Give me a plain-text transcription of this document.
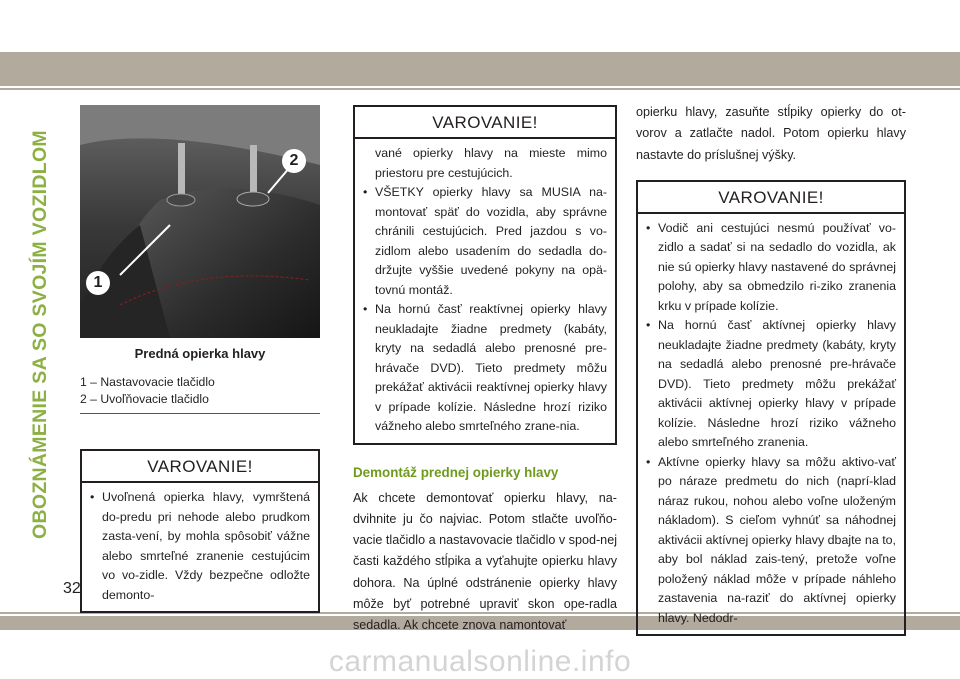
OBOZNÁMENIE SA SO SVOJÍM VOZIDLOM
32
2
1
Predná opierka hlavy
1 – Nastavovacie tlačidlo
2 – Uvoľňovacie tlačidlo
VAROVANIE!
• Uvoľnená opierka hlavy, vymrštená do-predu pri nehode alebo prudkom zasta-vení, by mohla spôsobiť vážne alebo smrteľné zranenie cestujúcim vo vo-zidle. Vždy bezpečne odložte demonto-
VAROVANIE!
vané opierky hlavy na mieste mimo priestoru pre cestujúcich.
• VŠETKY opierky hlavy sa MUSIA na-montovať späť do vozidla, aby správne chránili cestujúcich. Pred jazdou s vo-zidlom alebo usadením do sedadla do-držujte vyššie uvedené pokyny na opä-tovnú montáž.
• Na hornú časť reaktívnej opierky hlavy neukladajte žiadne predmety (kabáty, kryty na sedadlá alebo prenosné pre-hrávače DVD). Tieto predmety môžu prekážať aktivácii reaktívnej opierky hlavy v prípade kolízie. Následne hrozí riziko vážneho alebo smrteľného zrane-nia.
Demontáž prednej opierky hlavy

Ak chcete demontovať opierku hlavy, na-dvihnite ju čo najviac. Potom stlačte uvoľňo-vacie tlačidlo a nastavovacie tlačidlo v spod-nej časti každého stĺpika a vyťahujte opierku hlavy dohora. Na úplné odstránenie opierky hlavy môže byť potrebné upraviť skon ope-radla sedadla. Ak chcete znova namontovať

opierku hlavy, zasuňte stĺpiky opierky do ot-vorov a zatlačte nadol. Potom opierku hlavy nastavte do príslušnej výšky.

VAROVANIE!
• Vodič ani cestujúci nesmú používať vo-zidlo a sadať si na sedadlo do vozidla, ak nie sú opierky hlavy nastavené do správnej polohy, aby sa obmedzilo ri-ziko zranenia krku v prípade kolízie.
• Na hornú časť aktívnej opierky hlavy neukladajte žiadne predmety (kabáty, kryty na sedadlá alebo prenosné pre-hrávače DVD). Tieto predmety môžu prekážať aktivácii aktívnej opierky hlavy v prípade kolízie. Následne hrozí riziko vážneho alebo smrteľného zranenia.
• Aktívne opierky hlavy sa môžu aktivo-vať po náraze predmetu do nich (naprí-klad náraz rukou, nohou alebo voľne uloženým nákladom). S cieľom vyhnúť sa náhodnej aktivácii aktívnej opierky hlavy dbajte na to, aby bol náklad zais-tený, pretože voľne položený náklad môže v prípade náhleho zastavenia na-raziť do aktívnej opierky hlavy. Nedodr-
carmanualsonline.info
